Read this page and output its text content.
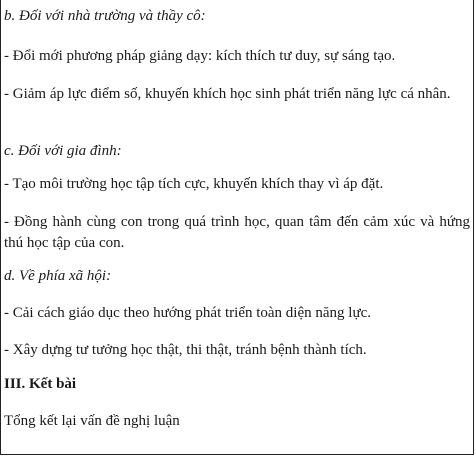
b. Đối với nhà trường và thầy cô:
- Đổi mới phương pháp giảng dạy: kích thích tư duy, sự sáng tạo.
- Giảm áp lực điểm số, khuyến khích học sinh phát triển năng lực cá nhân.
c. Đối với gia đình:
- Tạo môi trường học tập tích cực, khuyến khích thay vì áp đặt.
- Đồng hành cùng con trong quá trình học, quan tâm đến cảm xúc và hứng thú học tập của con.
d. Về phía xã hội:
- Cải cách giáo dục theo hướng phát triển toàn diện năng lực.
- Xây dựng tư tưởng học thật, thi thật, tránh bệnh thành tích.
III. Kết bài
Tổng kết lại vấn đề nghị luận
